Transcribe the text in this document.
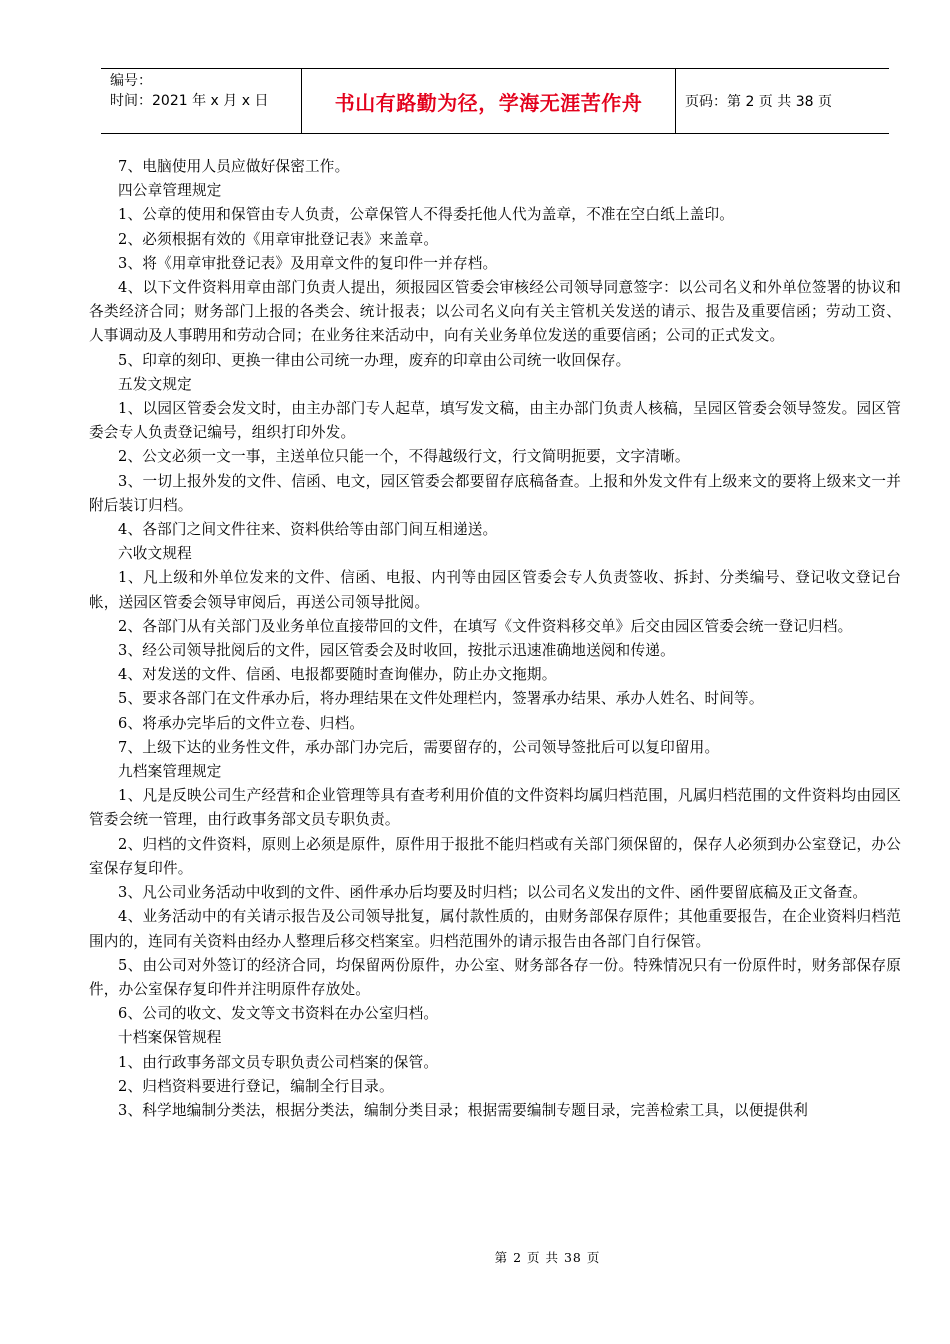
编号：
时间：2021 年 x 月 x 日	书山有路勤为径，学海无涯苦作舟	页码：第 2 页 共 38 页

7、电脑使用人员应做好保密工作。

四公章管理规定

1、公章的使用和保管由专人负责，公章保管人不得委托他人代为盖章，不准在空白纸上盖印。

2、必须根据有效的《用章审批登记表》来盖章。

3、将《用章审批登记表》及用章文件的复印件一并存档。

4、以下文件资料用章由部门负责人提出，须报园区管委会审核经公司领导同意签字：以公司名义和外单位签署的协议和各类经济合同；财务部门上报的各类会、统计报表；以公司名义向有关主管机关发送的请示、报告及重要信函；劳动工资、人事调动及人事聘用和劳动合同；在业务往来活动中，向有关业务单位发送的重要信函；公司的正式发文。

5、印章的刻印、更换一律由公司统一办理，废弃的印章由公司统一收回保存。

五发文规定

1、以园区管委会发文时，由主办部门专人起草，填写发文稿，由主办部门负责人核稿，呈园区管委会领导签发。园区管委会专人负责登记编号，组织打印外发。

2、公文必须一文一事，主送单位只能一个，不得越级行文，行文简明扼要，文字清晰。

3、一切上报外发的文件、信函、电文，园区管委会都要留存底稿备查。上报和外发文件有上级来文的要将上级来文一并附后装订归档。

4、各部门之间文件往来、资料供给等由部门间互相递送。

六收文规程

1、凡上级和外单位发来的文件、信函、电报、内刊等由园区管委会专人负责签收、拆封、分类编号、登记收文登记台帐，送园区管委会领导审阅后，再送公司领导批阅。

2、各部门从有关部门及业务单位直接带回的文件，在填写《文件资料移交单》后交由园区管委会统一登记归档。

3、经公司领导批阅后的文件，园区管委会及时收回，按批示迅速准确地送阅和传递。

4、对发送的文件、信函、电报都要随时查询催办，防止办文拖期。

5、要求各部门在文件承办后，将办理结果在文件处理栏内，签署承办结果、承办人姓名、时间等。

6、将承办完毕后的文件立卷、归档。

7、上级下达的业务性文件，承办部门办完后，需要留存的，公司领导签批后可以复印留用。

九档案管理规定

1、凡是反映公司生产经营和企业管理等具有查考利用价值的文件资料均属归档范围，凡属归档范围的文件资料均由园区管委会统一管理，由行政事务部文员专职负责。

2、归档的文件资料，原则上必须是原件，原件用于报批不能归档或有关部门须保留的，保存人必须到办公室登记，办公室保存复印件。

3、凡公司业务活动中收到的文件、函件承办后均要及时归档；以公司名义发出的文件、函件要留底稿及正文备查。

4、业务活动中的有关请示报告及公司领导批复，属付款性质的，由财务部保存原件；其他重要报告，在企业资料归档范围内的，连同有关资料由经办人整理后移交档案室。归档范围外的请示报告由各部门自行保管。

5、由公司对外签订的经济合同，均保留两份原件，办公室、财务部各存一份。特殊情况只有一份原件时，财务部保存原件，办公室保存复印件并注明原件存放处。

6、公司的收文、发文等文书资料在办公室归档。

十档案保管规程

1、由行政事务部文员专职负责公司档案的保管。

2、归档资料要进行登记，编制全行目录。

3、科学地编制分类法，根据分类法，编制分类目录；根据需要编制专题目录，完善检索工具，以便提供利

第 2 页 共 38 页
